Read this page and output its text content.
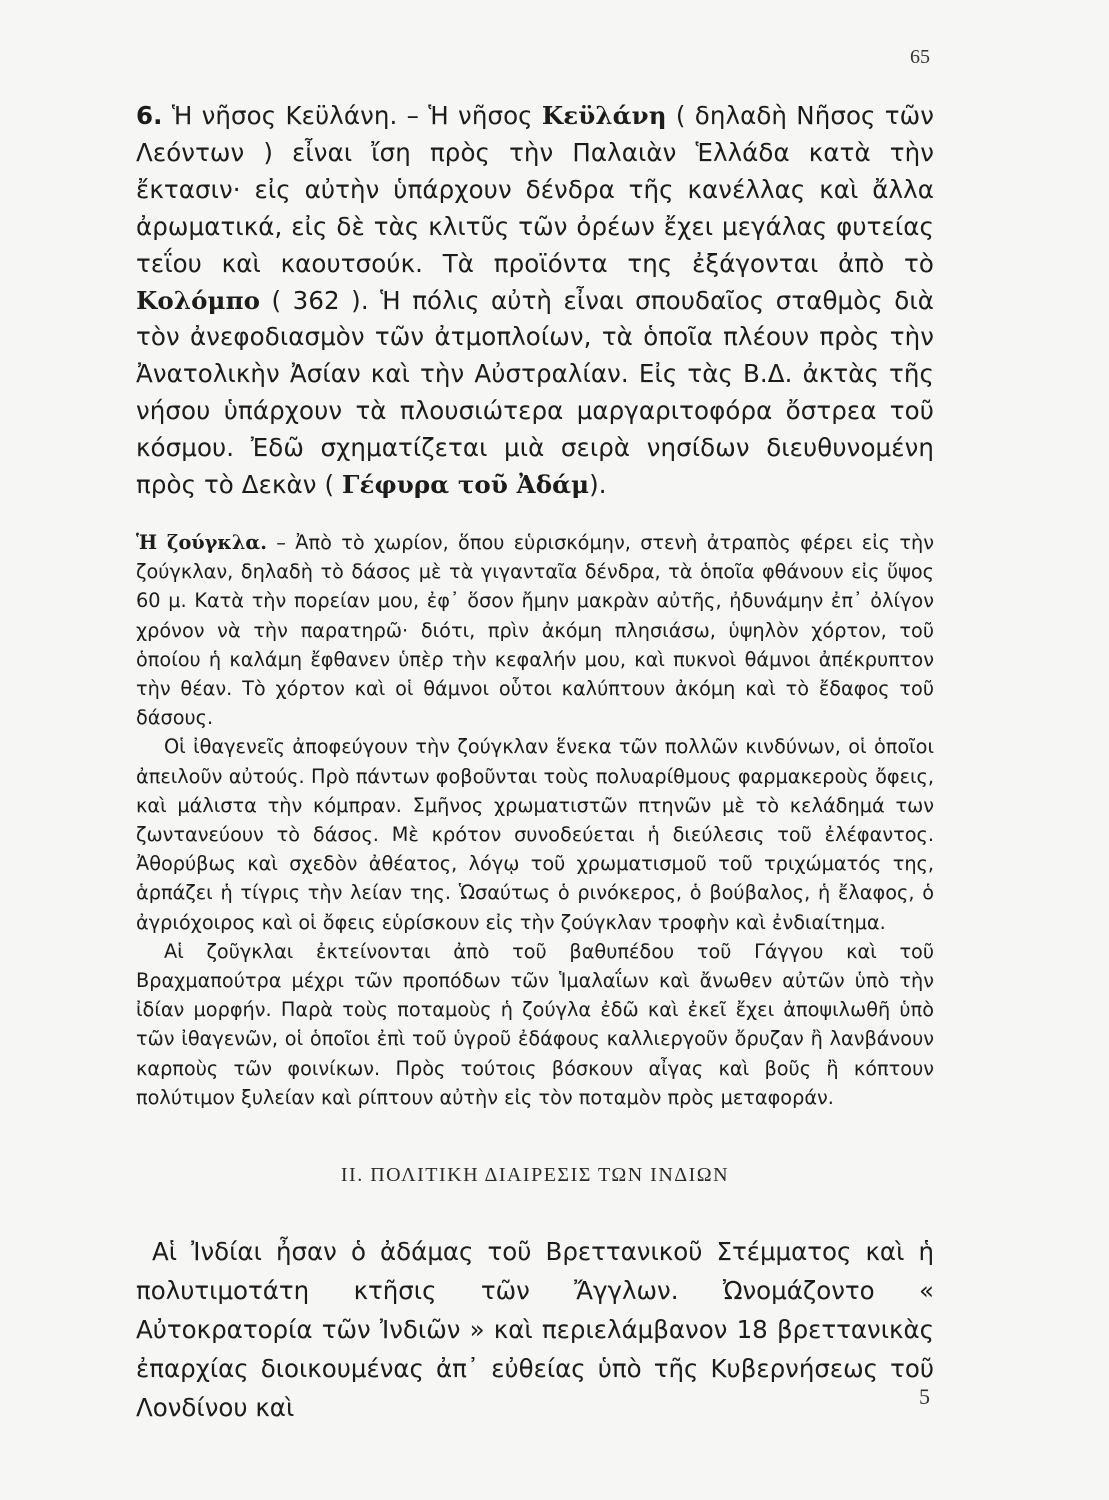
65
6. Ἡ νῆσος Κεϋλάνη. – Ἡ νῆσος Κεϋλάνη ( δηλαδὴ Νῆσος τῶν Λεόντων ) εἶναι ἴση πρὸς τὴν Παλαιὰν Ἑλλάδα κατὰ τὴν ἔκτασιν· εἰς αὐτὴν ὑπάρχουν δένδρα τῆς κανέλλας καὶ ἄλλα ἀρωματικά, εἰς δὲ τὰς κλιτῦς τῶν ὀρέων ἔχει μεγάλας φυτείας τεΐου καὶ καουτσούκ. Τὰ προϊόντα της ἐξάγονται ἀπὸ τὸ Κολόμπο ( 362 ). Ἡ πόλις αὐτὴ εἶναι σπουδαῖος σταθμὸς διὰ τὸν ἀνεφοδιασμὸν τῶν ἀτμοπλοίων, τὰ ὁποῖα πλέουν πρὸς τὴν Ἀνατολικὴν Ἀσίαν καὶ τὴν Αὐστραλίαν. Εἰς τὰς Β.Δ. ἀκτὰς τῆς νήσου ὑπάρχουν τὰ πλουσιώτερα μαργαριτοφόρα ὄστρεα τοῦ κόσμου. Ἐδῶ σχηματίζεται μιὰ σειρὰ νησίδων διευθυνομένη πρὸς τὸ Δεκὰν ( Γέφυρα τοῦ Ἀδάμ).

Ἡ ζούγκλα. – Ἀπὸ τὸ χωρίον, ὅπου εὑρισκόμην, στενὴ ἀτραπὸς φέρει εἰς τὴν ζούγκλαν, δηλαδὴ τὸ δάσος μὲ τὰ γιγανταῖα δένδρα, τὰ ὁποῖα φθάνουν εἰς ὕψος 60 μ. Κατὰ τὴν πορείαν μου, ἐφ᾽ ὅσον ἤμην μακρὰν αὐτῆς, ἠδυνάμην ἐπ᾽ ὀλίγον χρόνον νὰ τὴν παρατηρῶ· διότι, πρὶν ἀκόμη πλησιάσω, ὑψηλὸν χόρτον, τοῦ ὁποίου ἡ καλάμη ἔφθανεν ὑπὲρ τὴν κεφαλήν μου, καὶ πυκνοὶ θάμνοι ἀπέκρυπτον τὴν θέαν. Τὸ χόρτον καὶ οἱ θάμνοι οὗτοι καλύπτουν ἀκόμη καὶ τὸ ἔδαφος τοῦ δάσους.

Οἱ ἰθαγενεῖς ἀποφεύγουν τὴν ζούγκλαν ἕνεκα τῶν πολλῶν κινδύνων, οἱ ὁποῖοι ἀπειλοῦν αὐτούς. Πρὸ πάντων φοβοῦνται τοὺς πολυαρίθμους φαρμακεροὺς ὄφεις, καὶ μάλιστα τὴν κόμπραν. Σμῆνος χρωματιστῶν πτηνῶν μὲ τὸ κελάδημά των ζωντανεύουν τὸ δάσος. Μὲ κρότον συνοδεύεται ἡ διεύλεσις τοῦ ἐλέφαντος. Ἀθορύβως καὶ σχεδὸν ἀθέατος, λόγῳ τοῦ χρωματισμοῦ τοῦ τριχώματός της, ἁρπάζει ἡ τίγρις τὴν λείαν της. Ὡσαύτως ὁ ρινόκερος, ὁ βούβαλος, ἡ ἔλαφος, ὁ ἀγριόχοιρος καὶ οἱ ὄφεις εὑρίσκουν εἰς τὴν ζούγκλαν τροφὴν καὶ ἐνδιαίτημα.

Αἱ ζοῦγκλαι ἐκτείνονται ἀπὸ τοῦ βαθυπέδου τοῦ Γάγγου καὶ τοῦ Βραχμαπούτρα μέχρι τῶν προπόδων τῶν Ἱμαλαΐων καὶ ἄνωθεν αὐτῶν ὑπὸ τὴν ἰδίαν μορφήν. Παρὰ τοὺς ποταμοὺς ἡ ζούγλα ἐδῶ καὶ ἐκεῖ ἔχει ἀποψιλωθῆ ὑπὸ τῶν ἰθαγενῶν, οἱ ὁποῖοι ἐπὶ τοῦ ὑγροῦ ἐδάφους καλλιεργοῦν ὄρυζαν ἢ λανβάνουν καρποὺς τῶν φοινίκων. Πρὸς τούτοις βόσκουν αἶγας καὶ βοῦς ἢ κόπτουν πολύτιμον ξυλείαν καὶ ρίπτουν αὐτὴν εἰς τὸν ποταμὸν πρὸς μεταφοράν.

ΙΙ. ΠΟΛΙΤΙΚΗ ΔΙΑΙΡΕΣΙΣ ΤΩΝ ΙΝΔΙΩΝ

Αἱ Ἰνδίαι ἦσαν ὁ ἀδάμας τοῦ Βρεττανικοῦ Στέμματος καὶ ἡ πολυτιμοτάτη κτῆσις τῶν Ἄγγλων. Ὠνομάζοντο « Αὐτοκρατορία τῶν Ἰνδιῶν » καὶ περιελάμβανον 18 βρεττανικὰς ἐπαρχίας διοικουμένας ἀπ᾽ εὐθείας ὑπὸ τῆς Κυβερνήσεως τοῦ Λονδίνου καὶ	5
